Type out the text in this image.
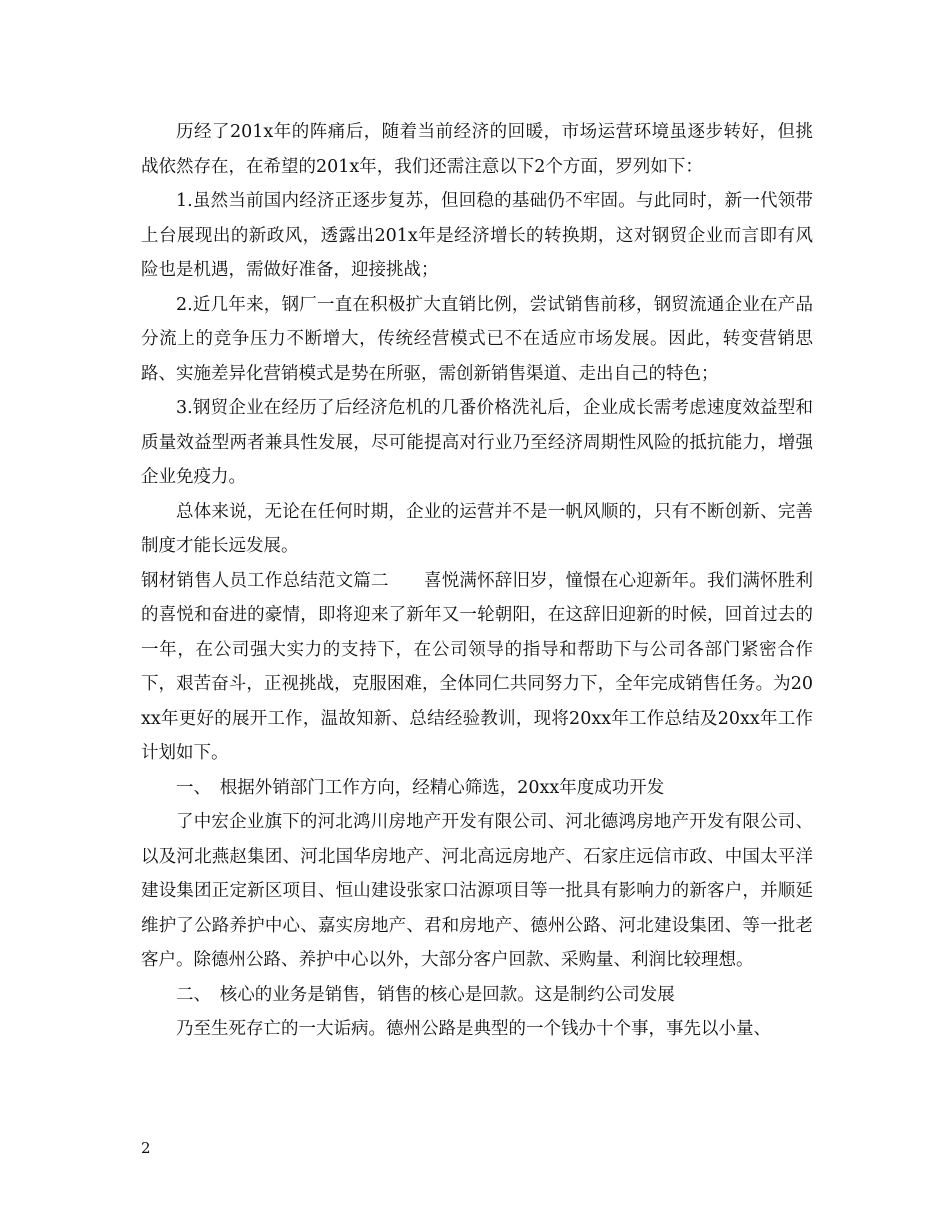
历经了201x年的阵痛后，随着当前经济的回暖，市场运营环境虽逐步转好，但挑战依然存在，在希望的201x年，我们还需注意以下2个方面，罗列如下：

1.虽然当前国内经济正逐步复苏，但回稳的基础仍不牢固。与此同时，新一代领带上台展现出的新政风，透露出201x年是经济增长的转换期，这对钢贸企业而言即有风险也是机遇，需做好准备，迎接挑战；

2.近几年来，钢厂一直在积极扩大直销比例，尝试销售前移，钢贸流通企业在产品分流上的竞争压力不断增大，传统经营模式已不在适应市场发展。因此，转变营销思路、实施差异化营销模式是势在所驱，需创新销售渠道、走出自己的特色；

3.钢贸企业在经历了后经济危机的几番价格洗礼后，企业成长需考虑速度效益型和质量效益型两者兼具性发展，尽可能提高对行业乃至经济周期性风险的抵抗能力，增强企业免疫力。

总体来说，无论在任何时期，企业的运营并不是一帆风顺的，只有不断创新、完善制度才能长远发展。

钢材销售人员工作总结范文篇二　　喜悦满怀辞旧岁，憧憬在心迎新年。我们满怀胜利的喜悦和奋进的豪情，即将迎来了新年又一轮朝阳，在这辞旧迎新的时候，回首过去的一年，在公司强大实力的支持下，在公司领导的指导和帮助下与公司各部门紧密合作下，艰苦奋斗，正视挑战，克服困难，全体同仁共同努力下，全年完成销售任务。为20xx年更好的展开工作，温故知新、总结经验教训，现将20xx年工作总结及20xx年工作计划如下。

一、　根据外销部门工作方向，经精心筛选，20xx年度成功开发

了中宏企业旗下的河北鸿川房地产开发有限公司、河北德鸿房地产开发有限公司、以及河北燕赵集团、河北国华房地产、河北高远房地产、石家庄远信市政、中国太平洋建设集团正定新区项目、恒山建设张家口沽源项目等一批具有影响力的新客户，并顺延维护了公路养护中心、嘉实房地产、君和房地产、德州公路、河北建设集团、等一批老客户。除德州公路、养护中心以外，大部分客户回款、采购量、利润比较理想。

二、　核心的业务是销售，销售的核心是回款。这是制约公司发展

乃至生死存亡的一大诟病。德州公路是典型的一个钱办十个事，事先以小量、

2
